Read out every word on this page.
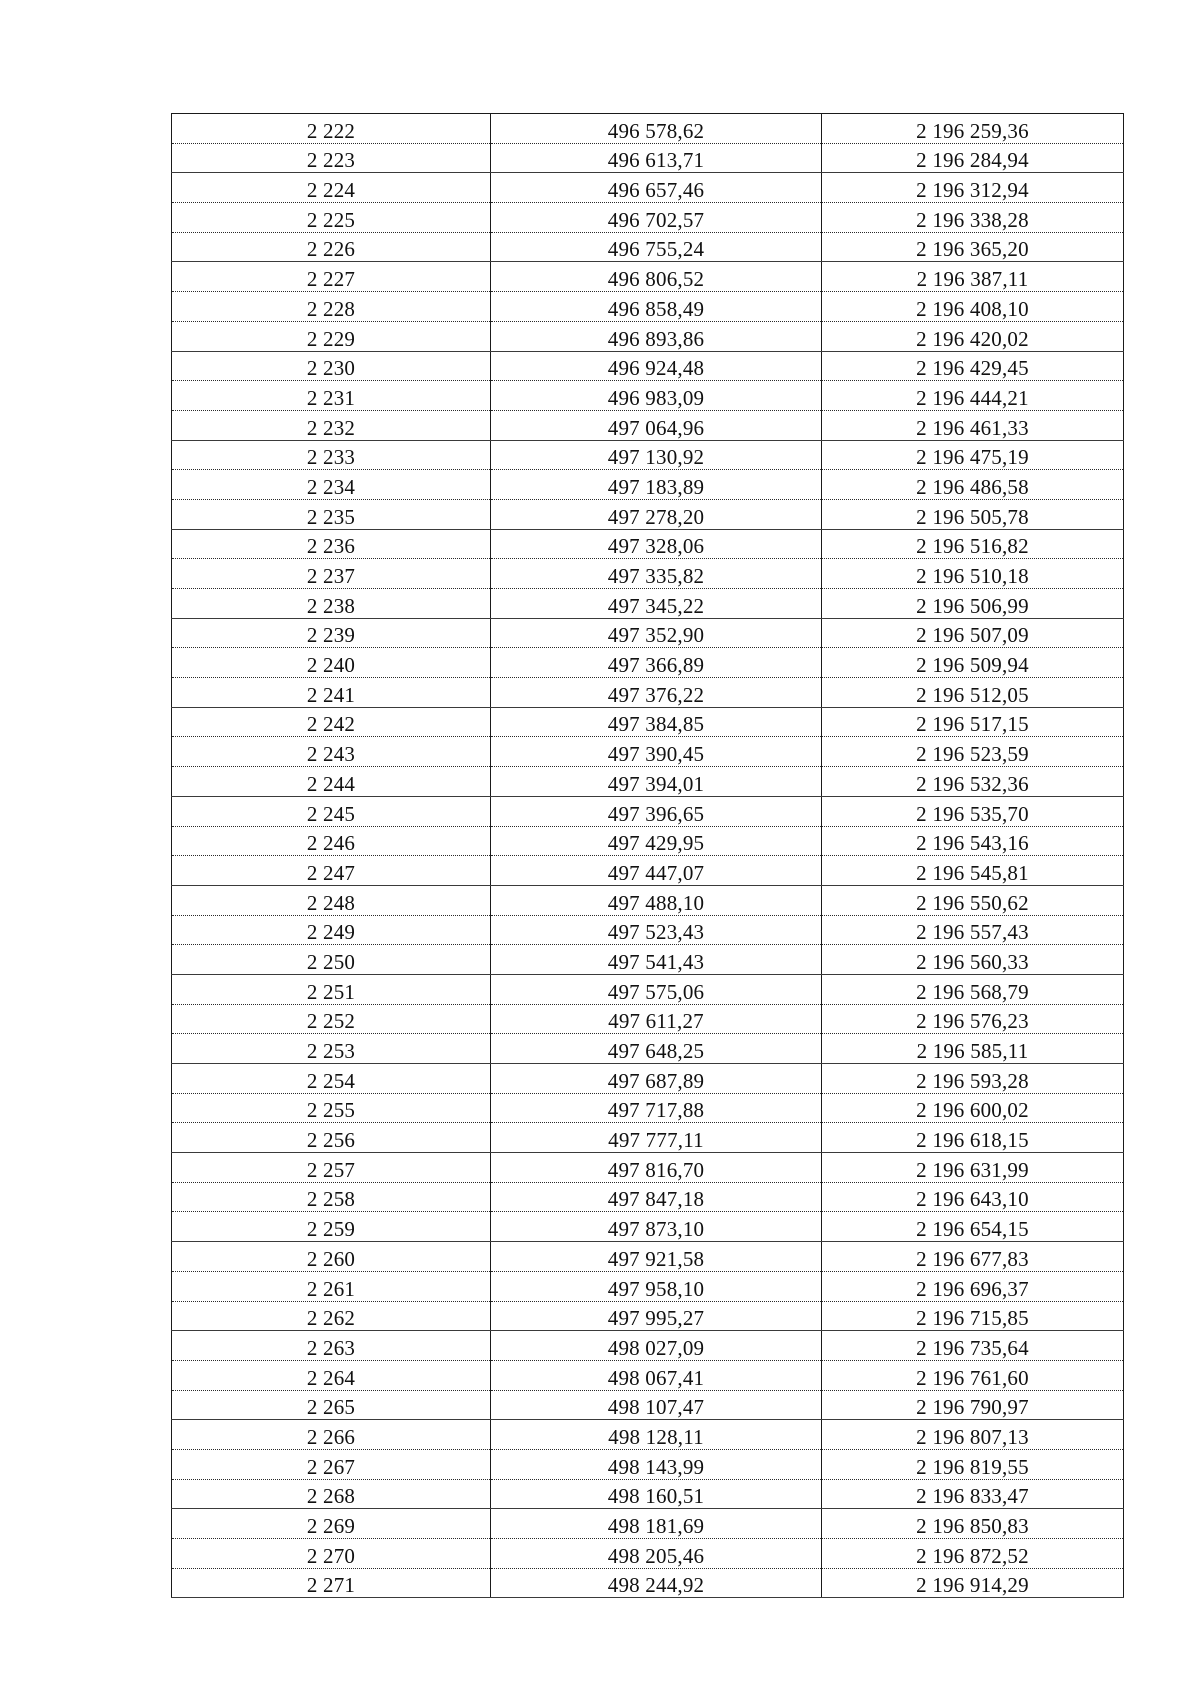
2 222	496 578,62	2 196 259,36
2 223	496 613,71	2 196 284,94
2 224	496 657,46	2 196 312,94
2 225	496 702,57	2 196 338,28
2 226	496 755,24	2 196 365,20
2 227	496 806,52	2 196 387,11
2 228	496 858,49	2 196 408,10
2 229	496 893,86	2 196 420,02
2 230	496 924,48	2 196 429,45
2 231	496 983,09	2 196 444,21
2 232	497 064,96	2 196 461,33
2 233	497 130,92	2 196 475,19
2 234	497 183,89	2 196 486,58
2 235	497 278,20	2 196 505,78
2 236	497 328,06	2 196 516,82
2 237	497 335,82	2 196 510,18
2 238	497 345,22	2 196 506,99
2 239	497 352,90	2 196 507,09
2 240	497 366,89	2 196 509,94
2 241	497 376,22	2 196 512,05
2 242	497 384,85	2 196 517,15
2 243	497 390,45	2 196 523,59
2 244	497 394,01	2 196 532,36
2 245	497 396,65	2 196 535,70
2 246	497 429,95	2 196 543,16
2 247	497 447,07	2 196 545,81
2 248	497 488,10	2 196 550,62
2 249	497 523,43	2 196 557,43
2 250	497 541,43	2 196 560,33
2 251	497 575,06	2 196 568,79
2 252	497 611,27	2 196 576,23
2 253	497 648,25	2 196 585,11
2 254	497 687,89	2 196 593,28
2 255	497 717,88	2 196 600,02
2 256	497 777,11	2 196 618,15
2 257	497 816,70	2 196 631,99
2 258	497 847,18	2 196 643,10
2 259	497 873,10	2 196 654,15
2 260	497 921,58	2 196 677,83
2 261	497 958,10	2 196 696,37
2 262	497 995,27	2 196 715,85
2 263	498 027,09	2 196 735,64
2 264	498 067,41	2 196 761,60
2 265	498 107,47	2 196 790,97
2 266	498 128,11	2 196 807,13
2 267	498 143,99	2 196 819,55
2 268	498 160,51	2 196 833,47
2 269	498 181,69	2 196 850,83
2 270	498 205,46	2 196 872,52
2 271	498 244,92	2 196 914,29
